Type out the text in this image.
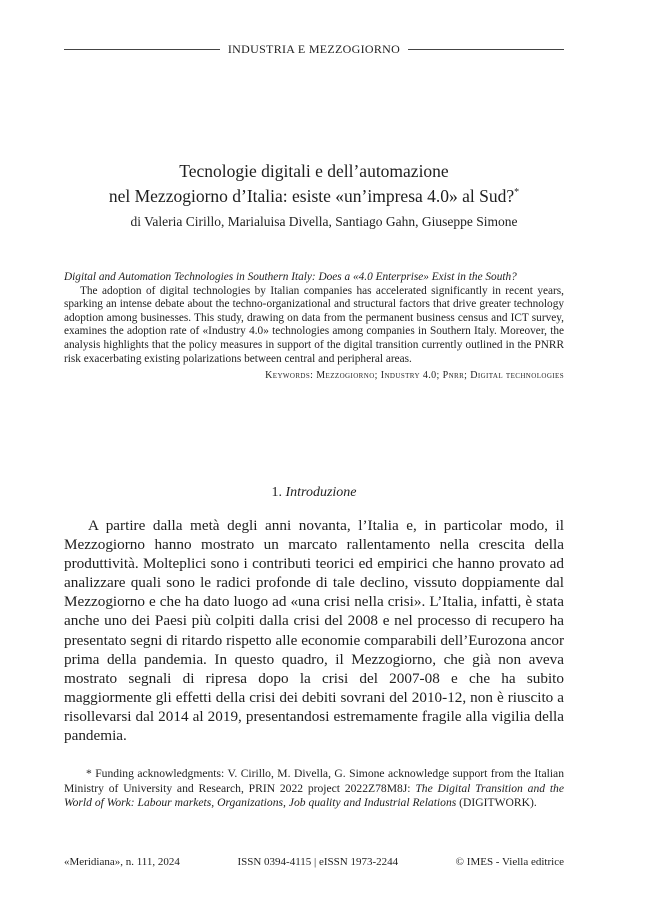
INDUSTRIA E MEZZOGIORNO
Tecnologie digitali e dell’automazione
nel Mezzogiorno d’Italia: esiste «un’impresa 4.0» al Sud?*
di Valeria Cirillo, Marialuisa Divella, Santiago Gahn, Giuseppe Simone
Digital and Automation Technologies in Southern Italy: Does a «4.0 Enterprise» Exist in the South?

The adoption of digital technologies by Italian companies has accelerated significantly in recent years, sparking an intense debate about the techno-organizational and structural factors that drive greater technology adoption among businesses. This study, drawing on data from the permanent business census and ICT survey, examines the adoption rate of «Industry 4.0» technologies among companies in Southern Italy. Moreover, the analysis highlights that the policy measures in support of the digital transition currently outlined in the PNRR risk exacerbating existing polarizations between central and peripheral areas.

Keywords: Mezzogiorno; Industry 4.0; Pnrr; Digital technologies
1. Introduzione

A partire dalla metà degli anni novanta, l’Italia e, in particolar modo, il Mezzogiorno hanno mostrato un marcato rallentamento nella crescita della produttività. Molteplici sono i contributi teorici ed empirici che hanno provato ad analizzare quali sono le radici profonde di tale declino, vissuto doppiamente dal Mezzogiorno e che ha dato luogo ad «una crisi nella crisi». L’Italia, infatti, è stata anche uno dei Paesi più colpiti dalla crisi del 2008 e nel processo di recupero ha presentato segni di ritardo rispetto alle economie comparabili dell’Eurozona ancor prima della pandemia. In questo quadro, il Mezzogiorno, che già non aveva mostrato segnali di ripresa dopo la crisi del 2007-08 e che ha subito maggiormente gli effetti della crisi dei debiti sovrani del 2010-12, non è riuscito a risollevarsi dal 2014 al 2019, presentandosi estremamente fragile alla vigilia della pandemia.

* Funding acknowledgments: V. Cirillo, M. Divella, G. Simone acknowledge support from the Italian Ministry of University and Research, PRIN 2022 project 2022Z78M8J: The Digital Transition and the World of Work: Labour markets, Organizations, Job quality and Industrial Relations (DIGITWORK).

«Meridiana», n. 111, 2024	ISSN 0394-4115 | eISSN 1973-2244	© IMES - Viella editrice
